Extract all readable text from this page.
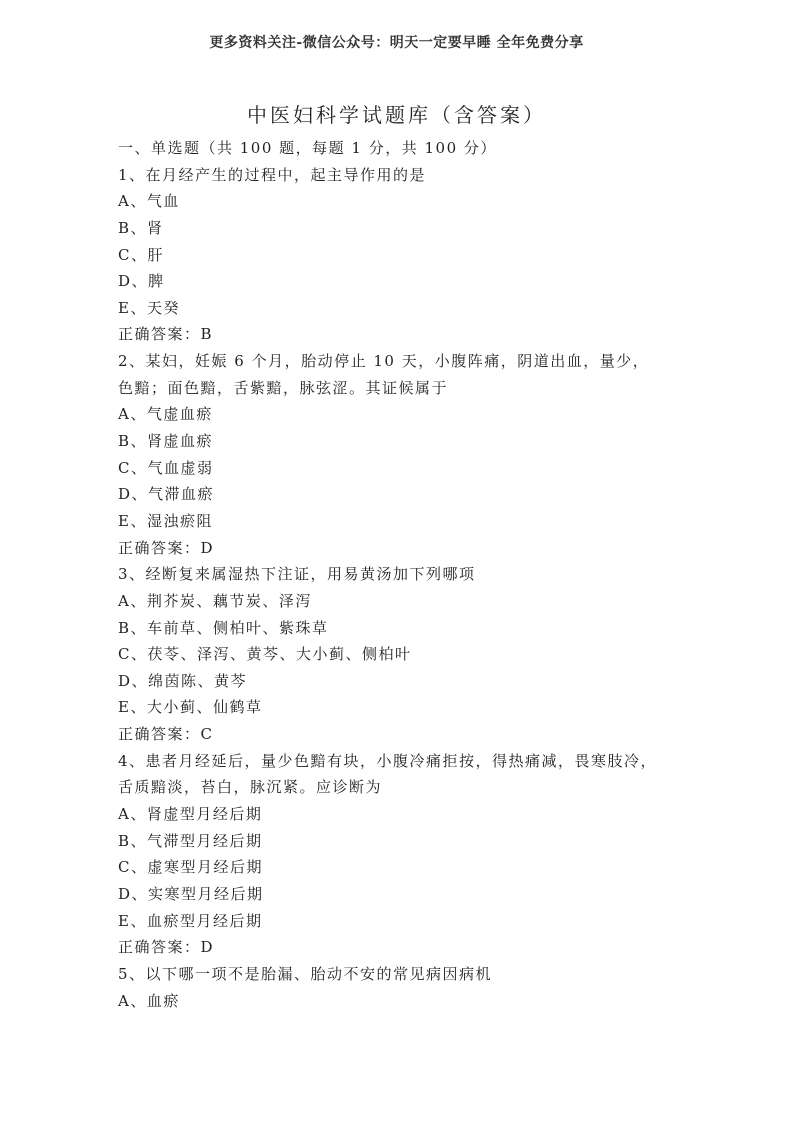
更多资料关注-微信公众号：明天一定要早睡 全年免费分享
中医妇科学试题库（含答案）
一、单选题（共 100 题，每题 1 分，共 100 分）
1、在月经产生的过程中，起主导作用的是
A、气血
B、肾
C、肝
D、脾
E、天癸
正确答案：B
2、某妇，妊娠 6 个月，胎动停止 10 天，小腹阵痛，阴道出血，量少，
色黯；面色黯，舌紫黯，脉弦涩。其证候属于
A、气虚血瘀
B、肾虚血瘀
C、气血虚弱
D、气滞血瘀
E、湿浊瘀阻
正确答案：D
3、经断复来属湿热下注证，用易黄汤加下列哪项
A、荆芥炭、藕节炭、泽泻
B、车前草、侧柏叶、紫珠草
C、茯苓、泽泻、黄芩、大小蓟、侧柏叶
D、绵茵陈、黄芩
E、大小蓟、仙鹤草
正确答案：C
4、患者月经延后，量少色黯有块，小腹冷痛拒按，得热痛减，畏寒肢冷，
舌质黯淡，苔白，脉沉紧。应诊断为
A、肾虚型月经后期
B、气滞型月经后期
C、虚寒型月经后期
D、实寒型月经后期
E、血瘀型月经后期
正确答案：D
5、以下哪一项不是胎漏、胎动不安的常见病因病机
A、血瘀
